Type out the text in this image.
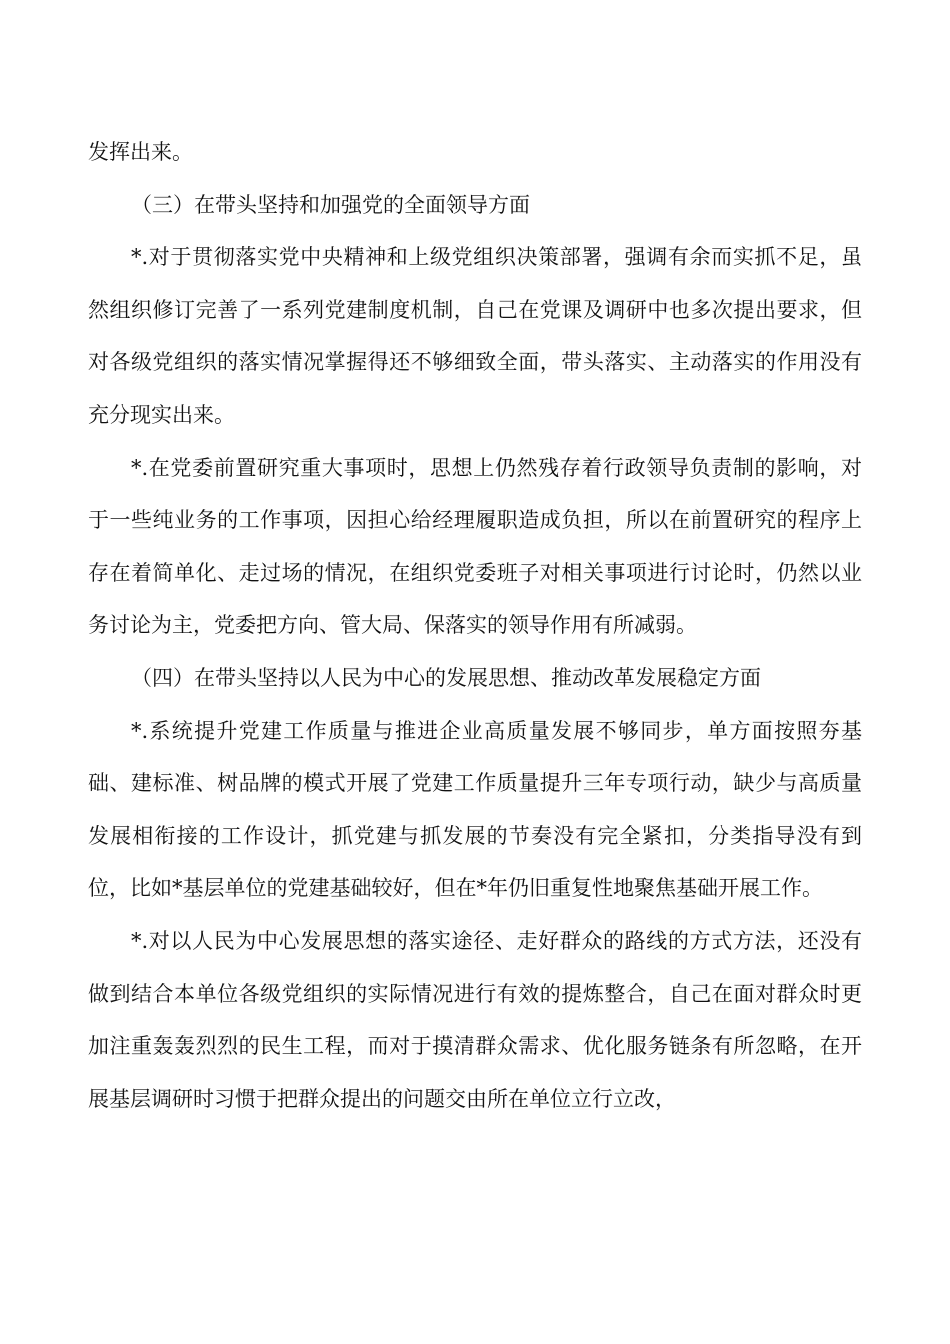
发挥出来。

（三）在带头坚持和加强党的全面领导方面

*.对于贯彻落实党中央精神和上级党组织决策部署，强调有余而实抓不足，虽然组织修订完善了一系列党建制度机制，自己在党课及调研中也多次提出要求，但对各级党组织的落实情况掌握得还不够细致全面，带头落实、主动落实的作用没有充分现实出来。

*.在党委前置研究重大事项时，思想上仍然残存着行政领导负责制的影响，对于一些纯业务的工作事项，因担心给经理履职造成负担，所以在前置研究的程序上存在着简单化、走过场的情况，在组织党委班子对相关事项进行讨论时，仍然以业务讨论为主，党委把方向、管大局、保落实的领导作用有所减弱。

（四）在带头坚持以人民为中心的发展思想、推动改革发展稳定方面

*.系统提升党建工作质量与推进企业高质量发展不够同步，单方面按照夯基础、建标准、树品牌的模式开展了党建工作质量提升三年专项行动，缺少与高质量发展相衔接的工作设计，抓党建与抓发展的节奏没有完全紧扣，分类指导没有到位，比如*基层单位的党建基础较好，但在*年仍旧重复性地聚焦基础开展工作。

*.对以人民为中心发展思想的落实途径、走好群众的路线的方式方法，还没有做到结合本单位各级党组织的实际情况进行有效的提炼整合，自己在面对群众时更加注重轰轰烈烈的民生工程，而对于摸清群众需求、优化服务链条有所忽略，在开展基层调研时习惯于把群众提出的问题交由所在单位立行立改，
